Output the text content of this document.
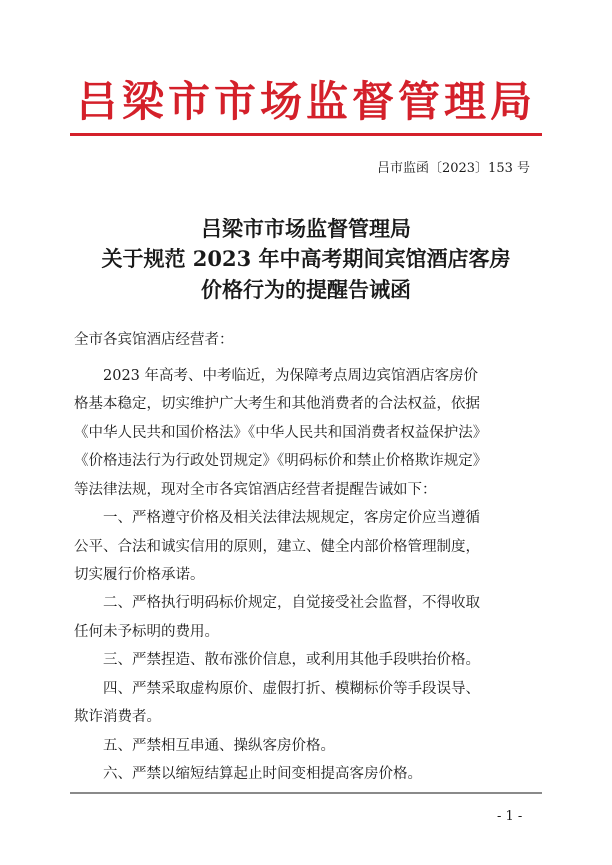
吕梁市市场监督管理局
吕市监函〔2023〕153 号
吕梁市市场监督管理局
关于规范 2023 年中高考期间宾馆酒店客房
价格行为的提醒告诫函
全市各宾馆酒店经营者：
　　2023 年高考、中考临近，为保障考点周边宾馆酒店客房价
格基本稳定，切实维护广大考生和其他消费者的合法权益，依据
《中华人民共和国价格法》《中华人民共和国消费者权益保护法》
《价格违法行为行政处罚规定》《明码标价和禁止价格欺诈规定》
等法律法规，现对全市各宾馆酒店经营者提醒告诫如下：
　　一、严格遵守价格及相关法律法规规定，客房定价应当遵循
公平、合法和诚实信用的原则，建立、健全内部价格管理制度，
切实履行价格承诺。
　　二、严格执行明码标价规定，自觉接受社会监督，不得收取
任何未予标明的费用。
　　三、严禁捏造、散布涨价信息，或利用其他手段哄抬价格。
　　四、严禁采取虚构原价、虚假打折、模糊标价等手段误导、
欺诈消费者。
　　五、严禁相互串通、操纵客房价格。
　　六、严禁以缩短结算起止时间变相提高客房价格。
- 1 -
